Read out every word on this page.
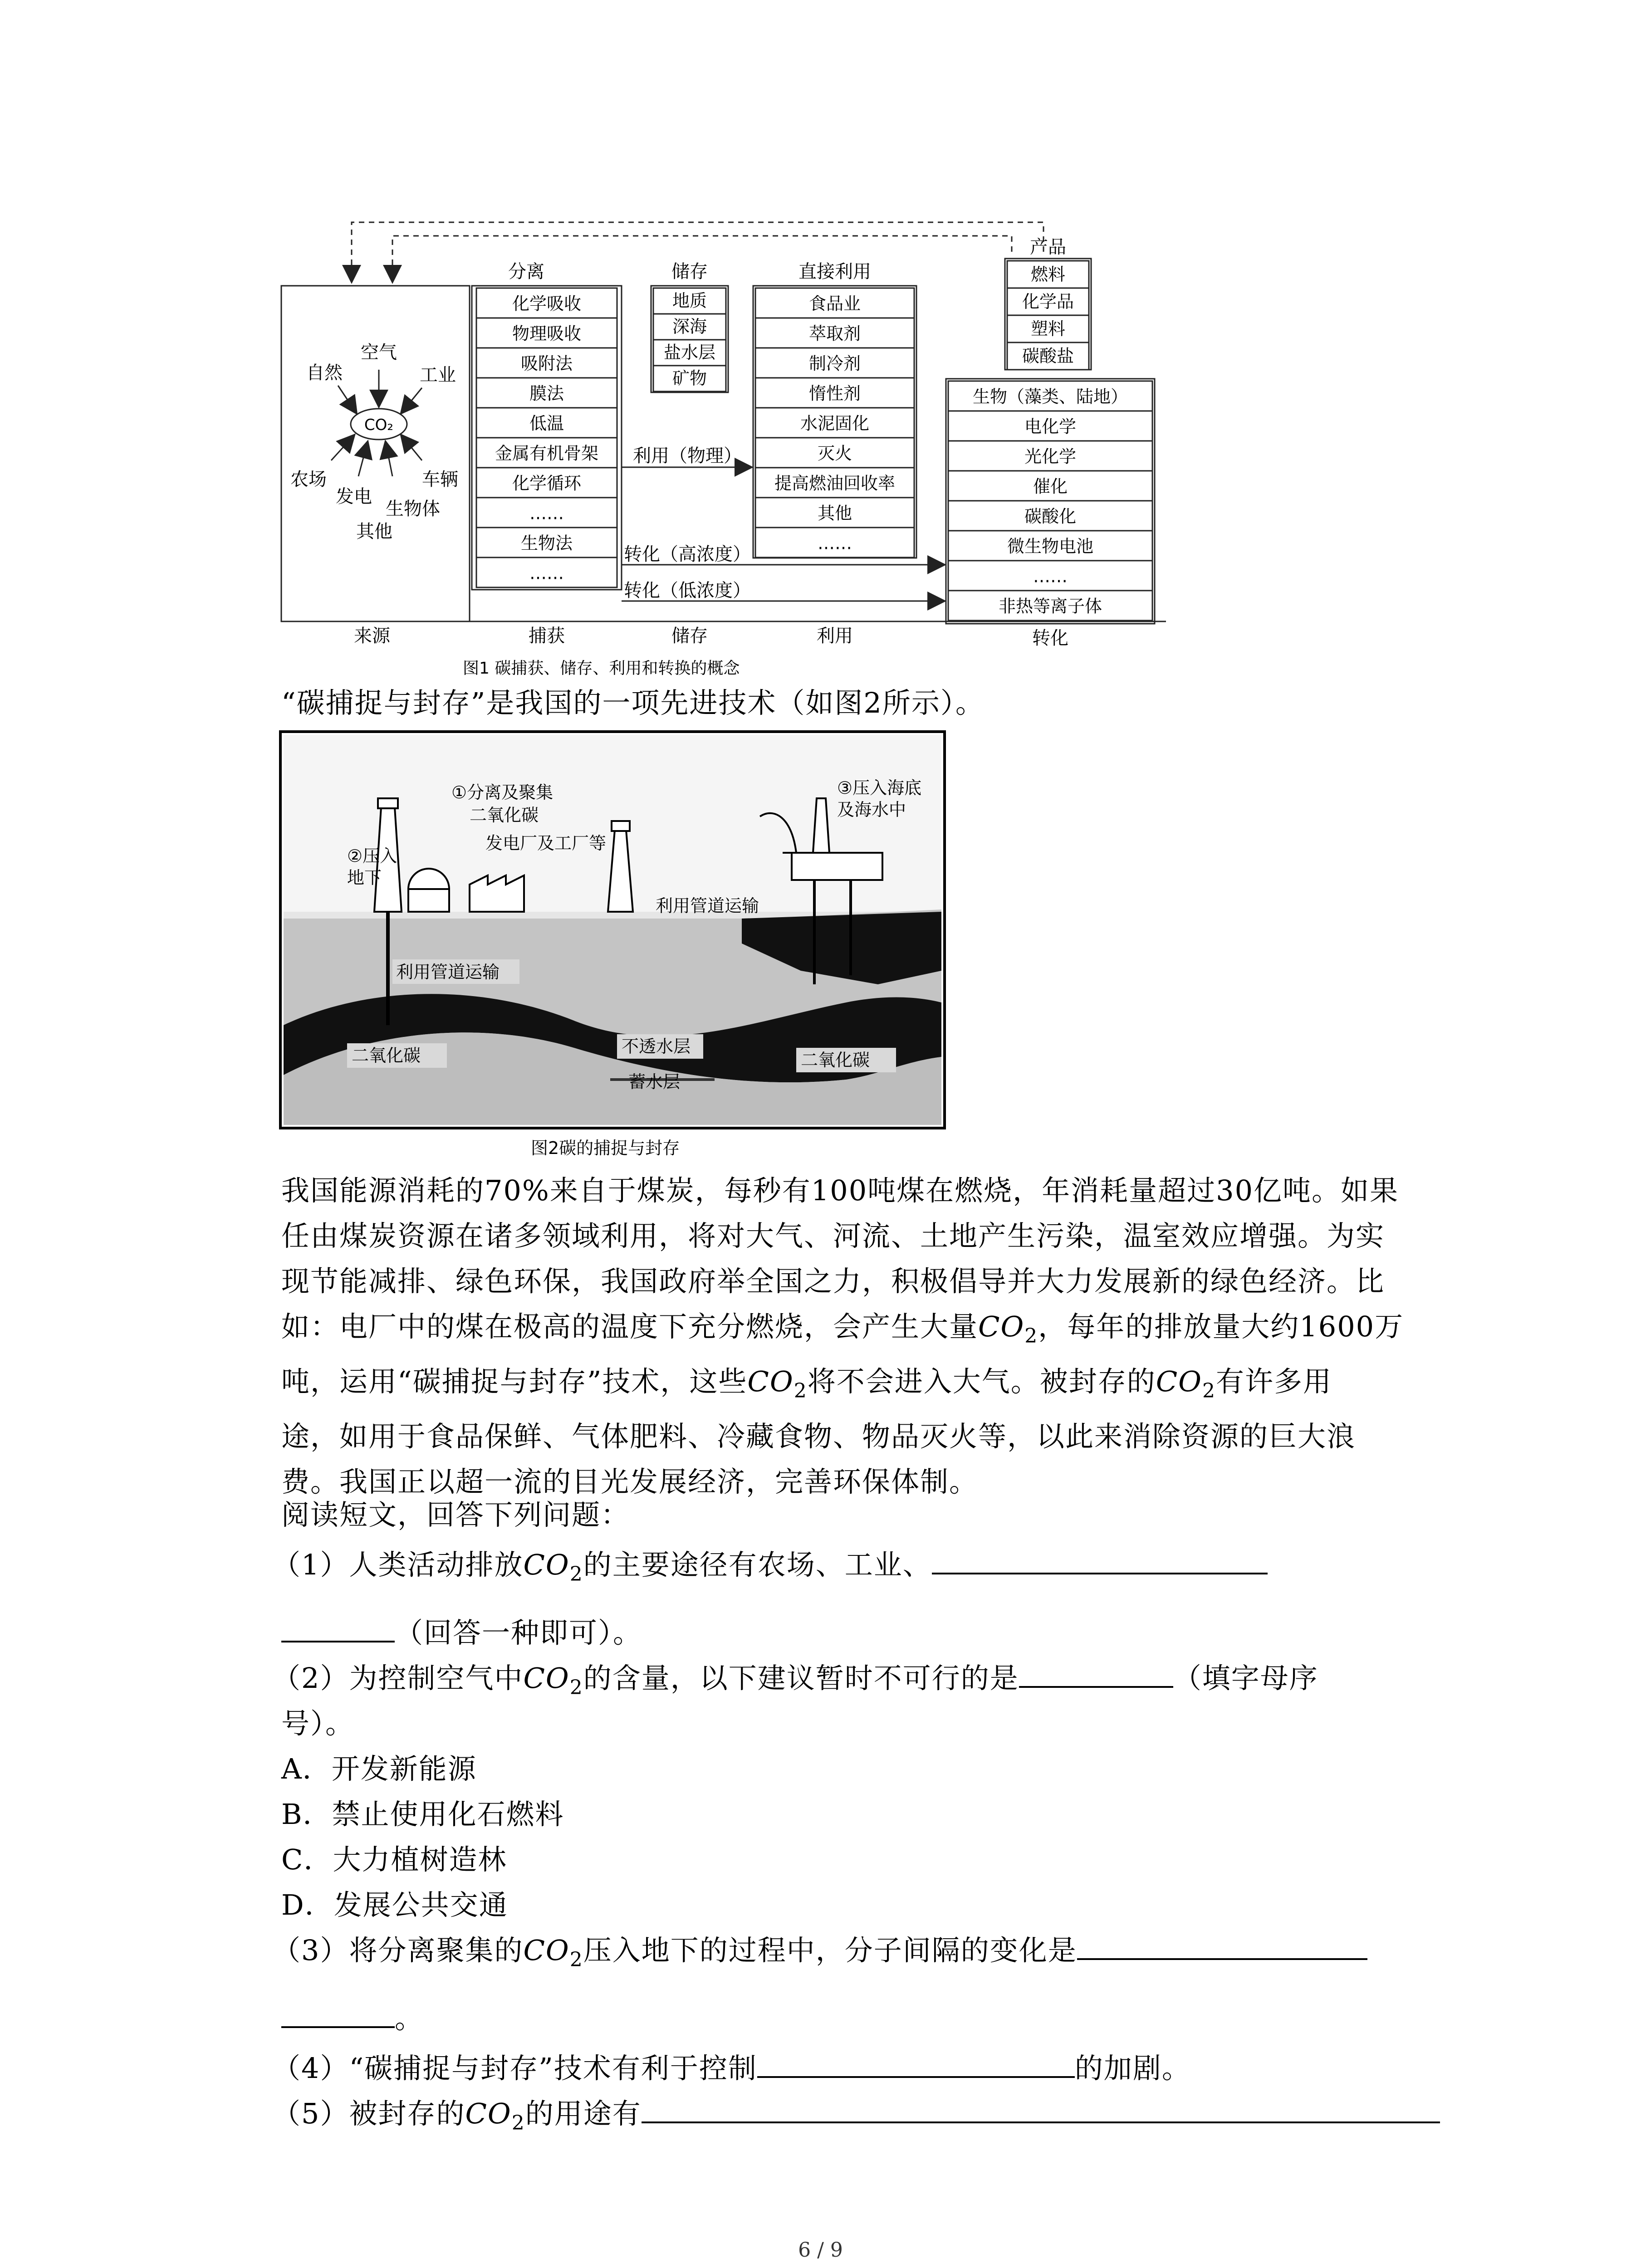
空气
自然	工业
CO₂
农场
发电
车辆
生物体
其他
来源
分离
化学吸收
物理吸收
吸附法
膜法
低温
金属有机骨架
化学循环
……
生物法
……
捕获
储存
地质
深海
盐水层
矿物
储存
直接利用
食品业
萃取剂
制冷剂
惰性剂
水泥固化
灭火
提高燃油回收率
其他
……
利用
产品
燃料
化学品
塑料
碳酸盐
生物（藻类、陆地）
电化学
光化学
催化
碳酸化
微生物电池
……
非热等离子体
转化
利用（物理）
转化（高浓度）
转化（低浓度）
图1 碳捕获、储存、利用和转换的概念
“碳捕捉与封存”是我国的一项先进技术（如图2所示）。
②压入
地下
①分离及聚集
二氧化碳
发电厂及工厂等
③压入海底
及海水中
利用管道运输
利用管道运输
二氧化碳	不透水层
蓄水层
二氧化碳
图2碳的捕捉与封存
我国能源消耗的70%来自于煤炭，每秒有100吨煤在燃烧，年消耗量超过30亿吨。如果
任由煤炭资源在诸多领域利用，将对大气、河流、土地产生污染，温室效应增强。为实
现节能减排、绿色环保，我国政府举全国之力，积极倡导并大力发展新的绿色经济。比
如：电厂中的煤在极高的温度下充分燃烧，会产生大量$CO_2$，每年的排放量大约1600万
吨，运用“碳捕捉与封存”技术，这些$CO_2$将不会进入大气。被封存的$CO_2$有许多用
途，如用于食品保鲜、气体肥料、冷藏食物、物品灭火等，以此来消除资源的巨大浪
费。我国正以超一流的目光发展经济，完善环保体制。
阅读短文，回答下列问题：
（1）人类活动排放$CO_2$的主要途径有农场、工业、
（回答一种即可）。
（2）为控制空气中$CO_2$的含量，以下建议暂时不可行的是	（填字母序
号）。
A．开发新能源
B．禁止使用化石燃料
C．大力植树造林
D．发展公共交通
（3）将分离聚集的$CO_2$压入地下的过程中，分子间隔的变化是
。
（4）“碳捕捉与封存”技术有利于控制	的加剧。
（5）被封存的$CO_2$的用途有
6 / 9
